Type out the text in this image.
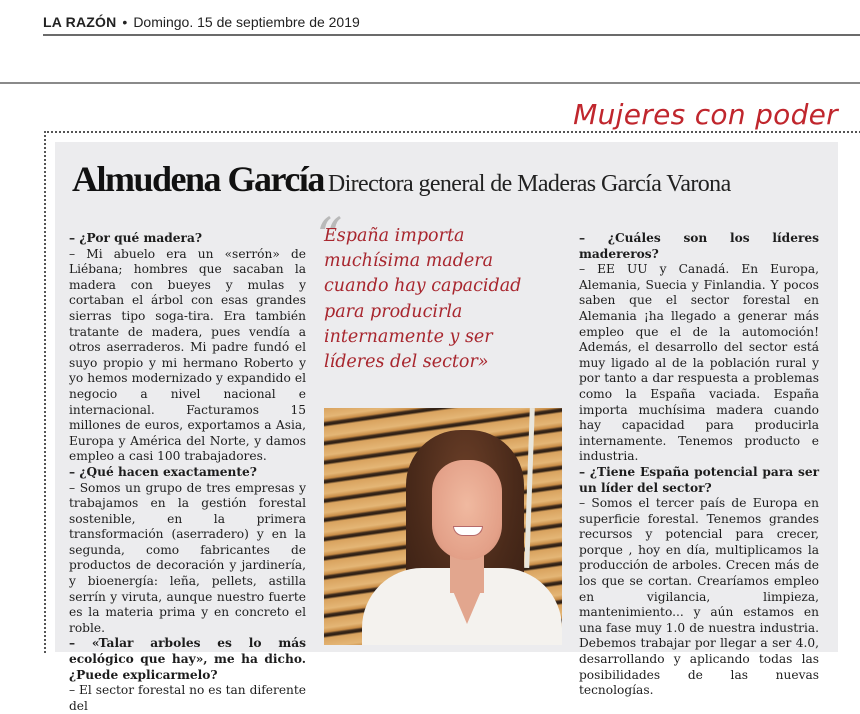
LA RAZÓN • Domingo. 15 de septiembre de 2019
Mujeres con poder
Almudena García Directora general de Maderas García Varona

– ¿Por qué madera?

– Mi abuelo era un «serrón» de Liébana; hombres que sacaban la madera con bueyes y mulas y cortaban el árbol con esas grandes sierras tipo soga-tira. Era también tratante de madera, pues vendía a otros aserraderos. Mi padre fundó el suyo propio y mi hermano Roberto y yo hemos modernizado y expandido el negocio a nivel nacional e internacional. Facturamos 15 millones de euros, exportamos a Asia, Europa y América del Norte, y damos empleo a casi 100 trabajadores.

– ¿Qué hacen exactamente?

– Somos un grupo de tres empresas y trabajamos en la gestión forestal sostenible, en la primera transformación (aserradero) y en la segunda, como fabricantes de productos de decoración y jardinería, y bioenergía: leña, pellets, astilla serrín y viruta, aunque nuestro fuerte es la materia prima y en concreto el roble.

– «Talar arboles es lo más ecológico que hay», me ha dicho. ¿Puede explicarmelo?

– El sector forestal no es tan diferente del

“
España importa muchísima madera cuando hay capacidad para producirla internamente y ser líderes del sector»

– ¿Cuáles son los líderes madereros?

– EE UU y Canadá. En Europa, Alemania, Suecia y Finlandia. Y pocos saben que el sector forestal en Alemania ¡ha llegado a generar más empleo que el de la automoción! Además, el desarrollo del sector está muy ligado al de la población rural y por tanto a dar respuesta a problemas como la España vaciada. España importa muchísima madera cuando hay capacidad para producirla internamente. Tenemos producto e industria.

– ¿Tiene España potencial para ser un líder del sector?

– Somos el tercer país de Europa en superficie forestal. Tenemos grandes recursos y potencial para crecer, porque , hoy en día, multiplicamos la producción de arboles. Crecen más de los que se cortan. Crearíamos empleo en vigilancia, limpieza, mantenimiento... y aún estamos en una fase muy 1.0 de nuestra industria. Debemos trabajar por llegar a ser 4.0, desarrollando y aplicando todas las posibilidades de las nuevas tecnologías.
